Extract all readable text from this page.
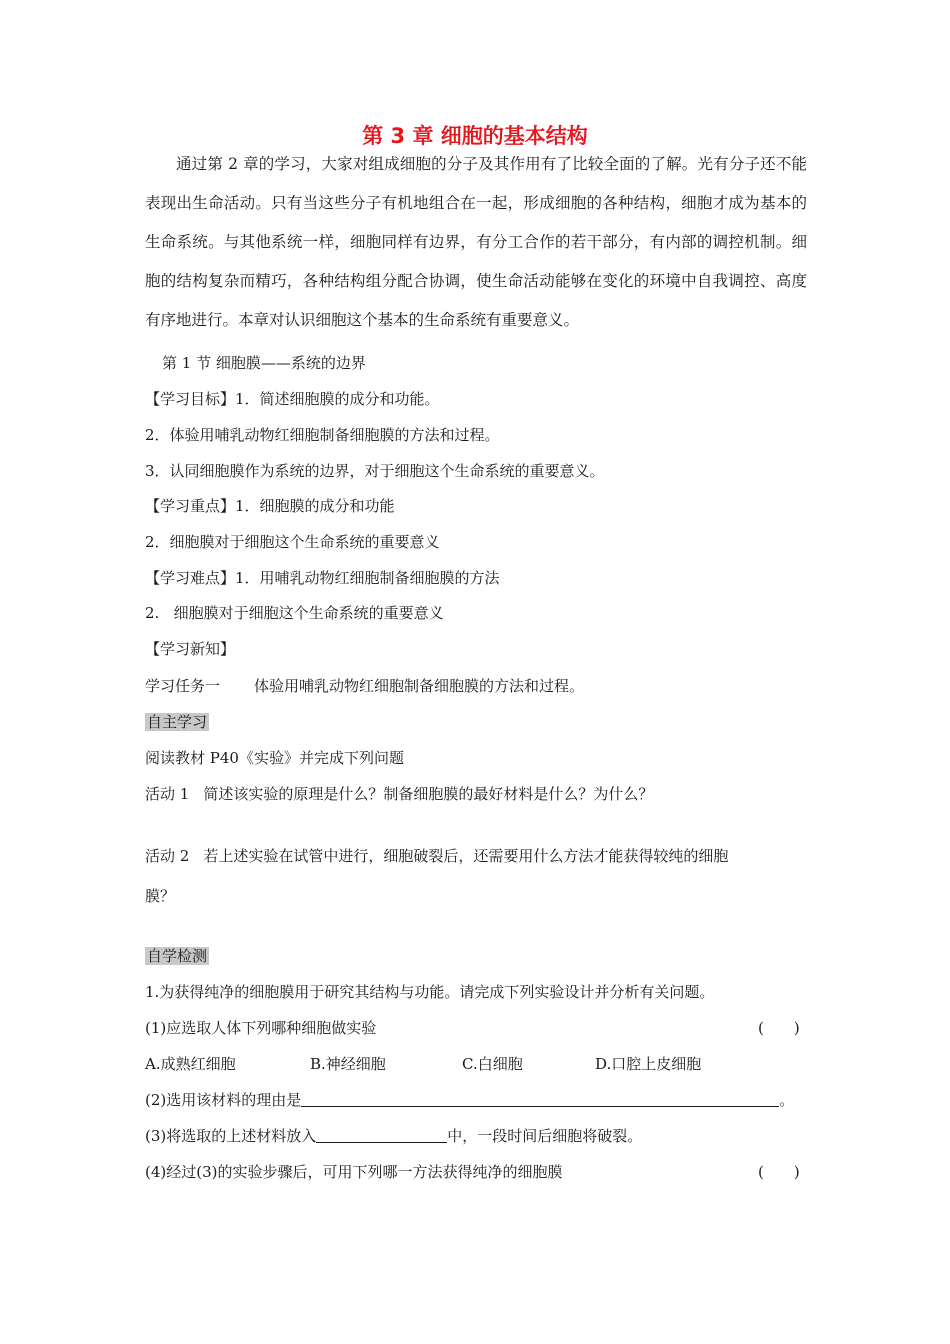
第 3 章 细胞的基本结构

通过第 2 章的学习，大家对组成细胞的分子及其作用有了比较全面的了解。光有分子还不能表现出生命活动。只有当这些分子有机地组合在一起，形成细胞的各种结构，细胞才成为基本的生命系统。与其他系统一样，细胞同样有边界，有分工合作的若干部分，有内部的调控机制。细胞的结构复杂而精巧，各种结构组分配合协调，使生命活动能够在变化的环境中自我调控、高度有序地进行。本章对认识细胞这个基本的生命系统有重要意义。

第 1 节 细胞膜——系统的边界
【学习目标】1．简述细胞膜的成分和功能。
2．体验用哺乳动物红细胞制备细胞膜的方法和过程。
3．认同细胞膜作为系统的边界，对于细胞这个生命系统的重要意义。
【学习重点】1．细胞膜的成分和功能
2．细胞膜对于细胞这个生命系统的重要意义
【学习难点】1．用哺乳动物红细胞制备细胞膜的方法
2.   细胞膜对于细胞这个生命系统的重要意义
【学习新知】
学习任务一 体验用哺乳动物红细胞制备细胞膜的方法和过程。
自主学习
阅读教材 P40《实验》并完成下列问题
活动 1 简述该实验的原理是什么？制备细胞膜的最好材料是什么？为什么？
活动 2 若上述实验在试管中进行，细胞破裂后，还需要用什么方法才能获得较纯的细胞
膜？
自学检测
1.为获得纯净的细胞膜用于研究其结构与功能。请完成下列实验设计并分析有关问题。
(1)应选取人体下列哪种细胞做实验	(　　)
A.成熟红细胞	B.神经细胞	C.白细胞	D.口腔上皮细胞
(2)选用该材料的理由是	。
(3)将选取的上述材料放入	中，一段时间后细胞将破裂。
(4)经过(3)的实验步骤后，可用下列哪一方法获得纯净的细胞膜	(　　)
